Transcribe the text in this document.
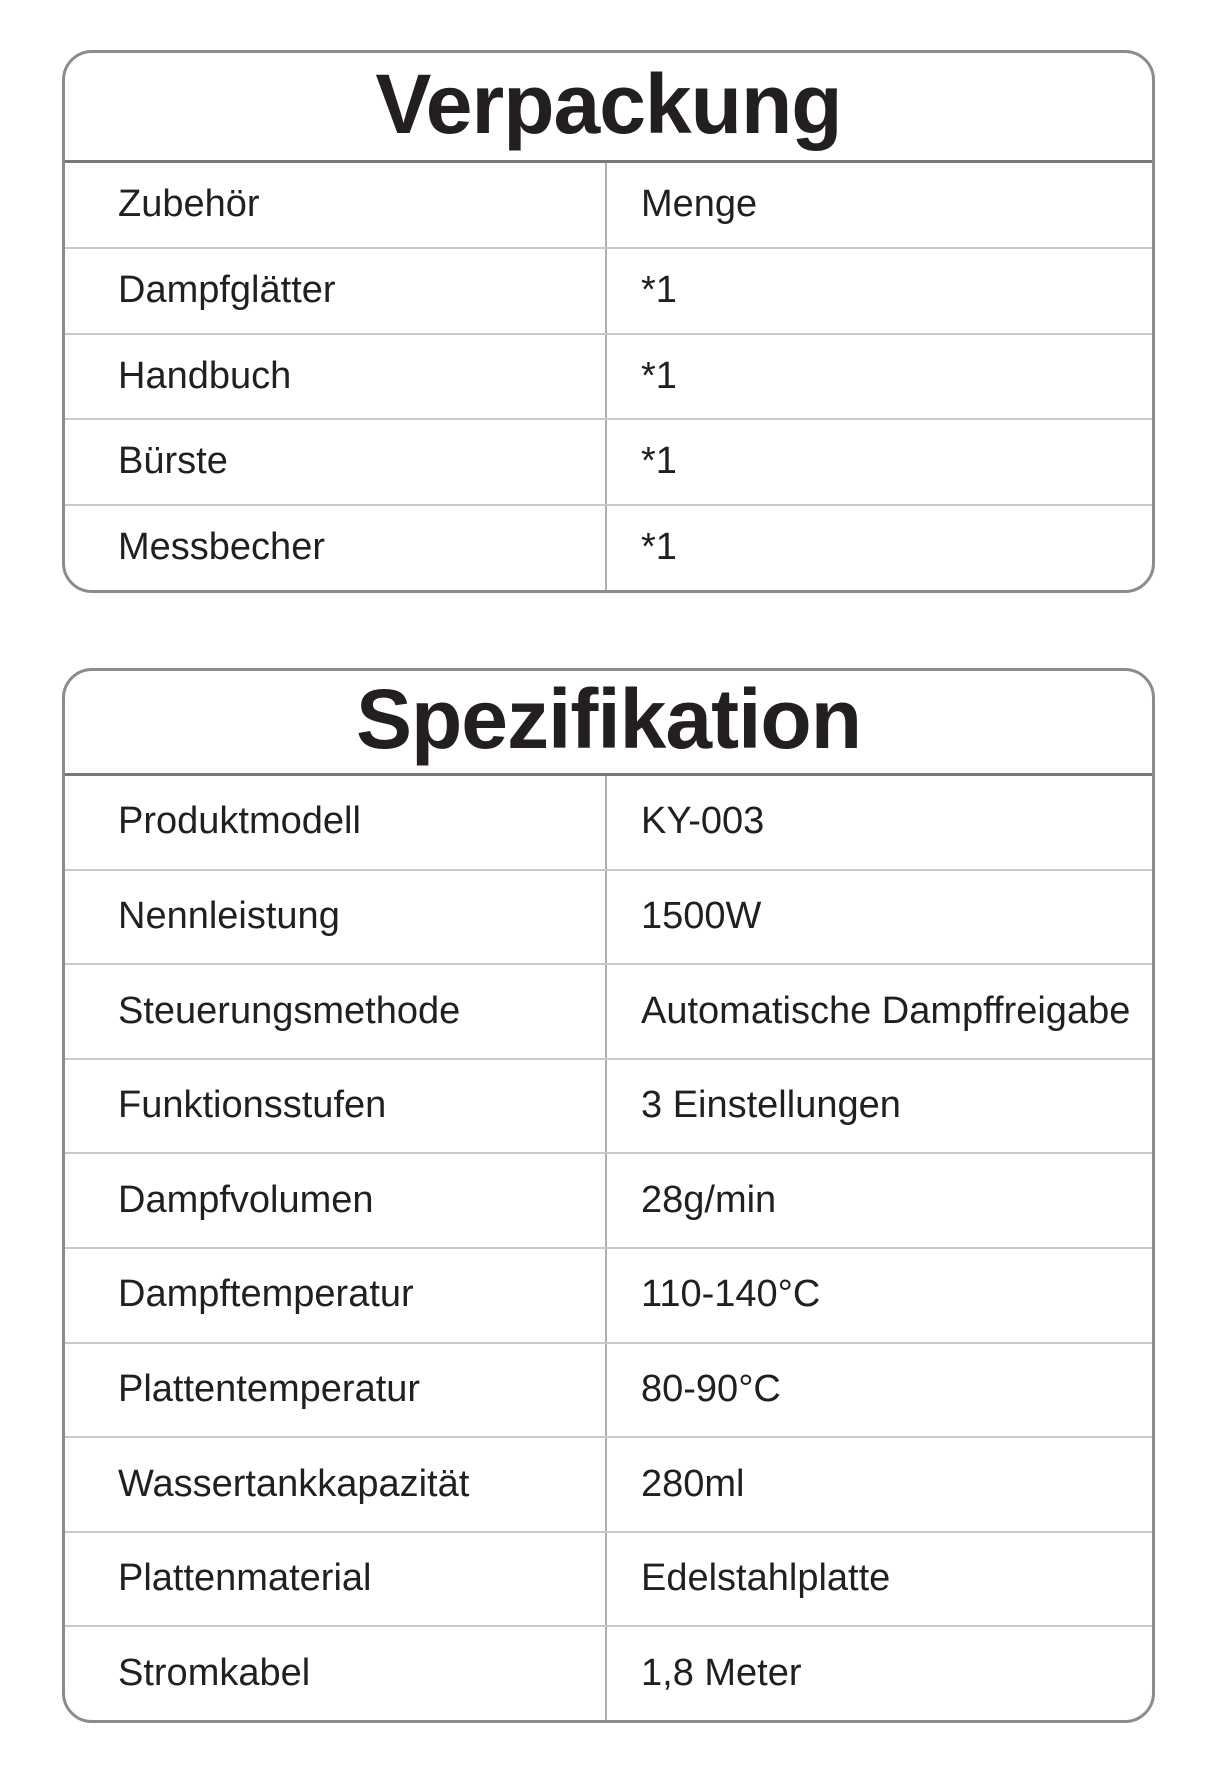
Verpackung
Zubehör	Menge
Dampfglätter	*1
Handbuch	*1
Bürste	*1
Messbecher	*1
Spezifikation
Produktmodell	KY-003
Nennleistung	1500W
Steuerungsmethode	Automatische Dampffreigabe
Funktionsstufen	3 Einstellungen
Dampfvolumen	28g/min
Dampftemperatur	110-140°C
Plattentemperatur	80-90°C
Wassertankkapazität	280ml
Plattenmaterial	Edelstahlplatte
Stromkabel	1,8 Meter
